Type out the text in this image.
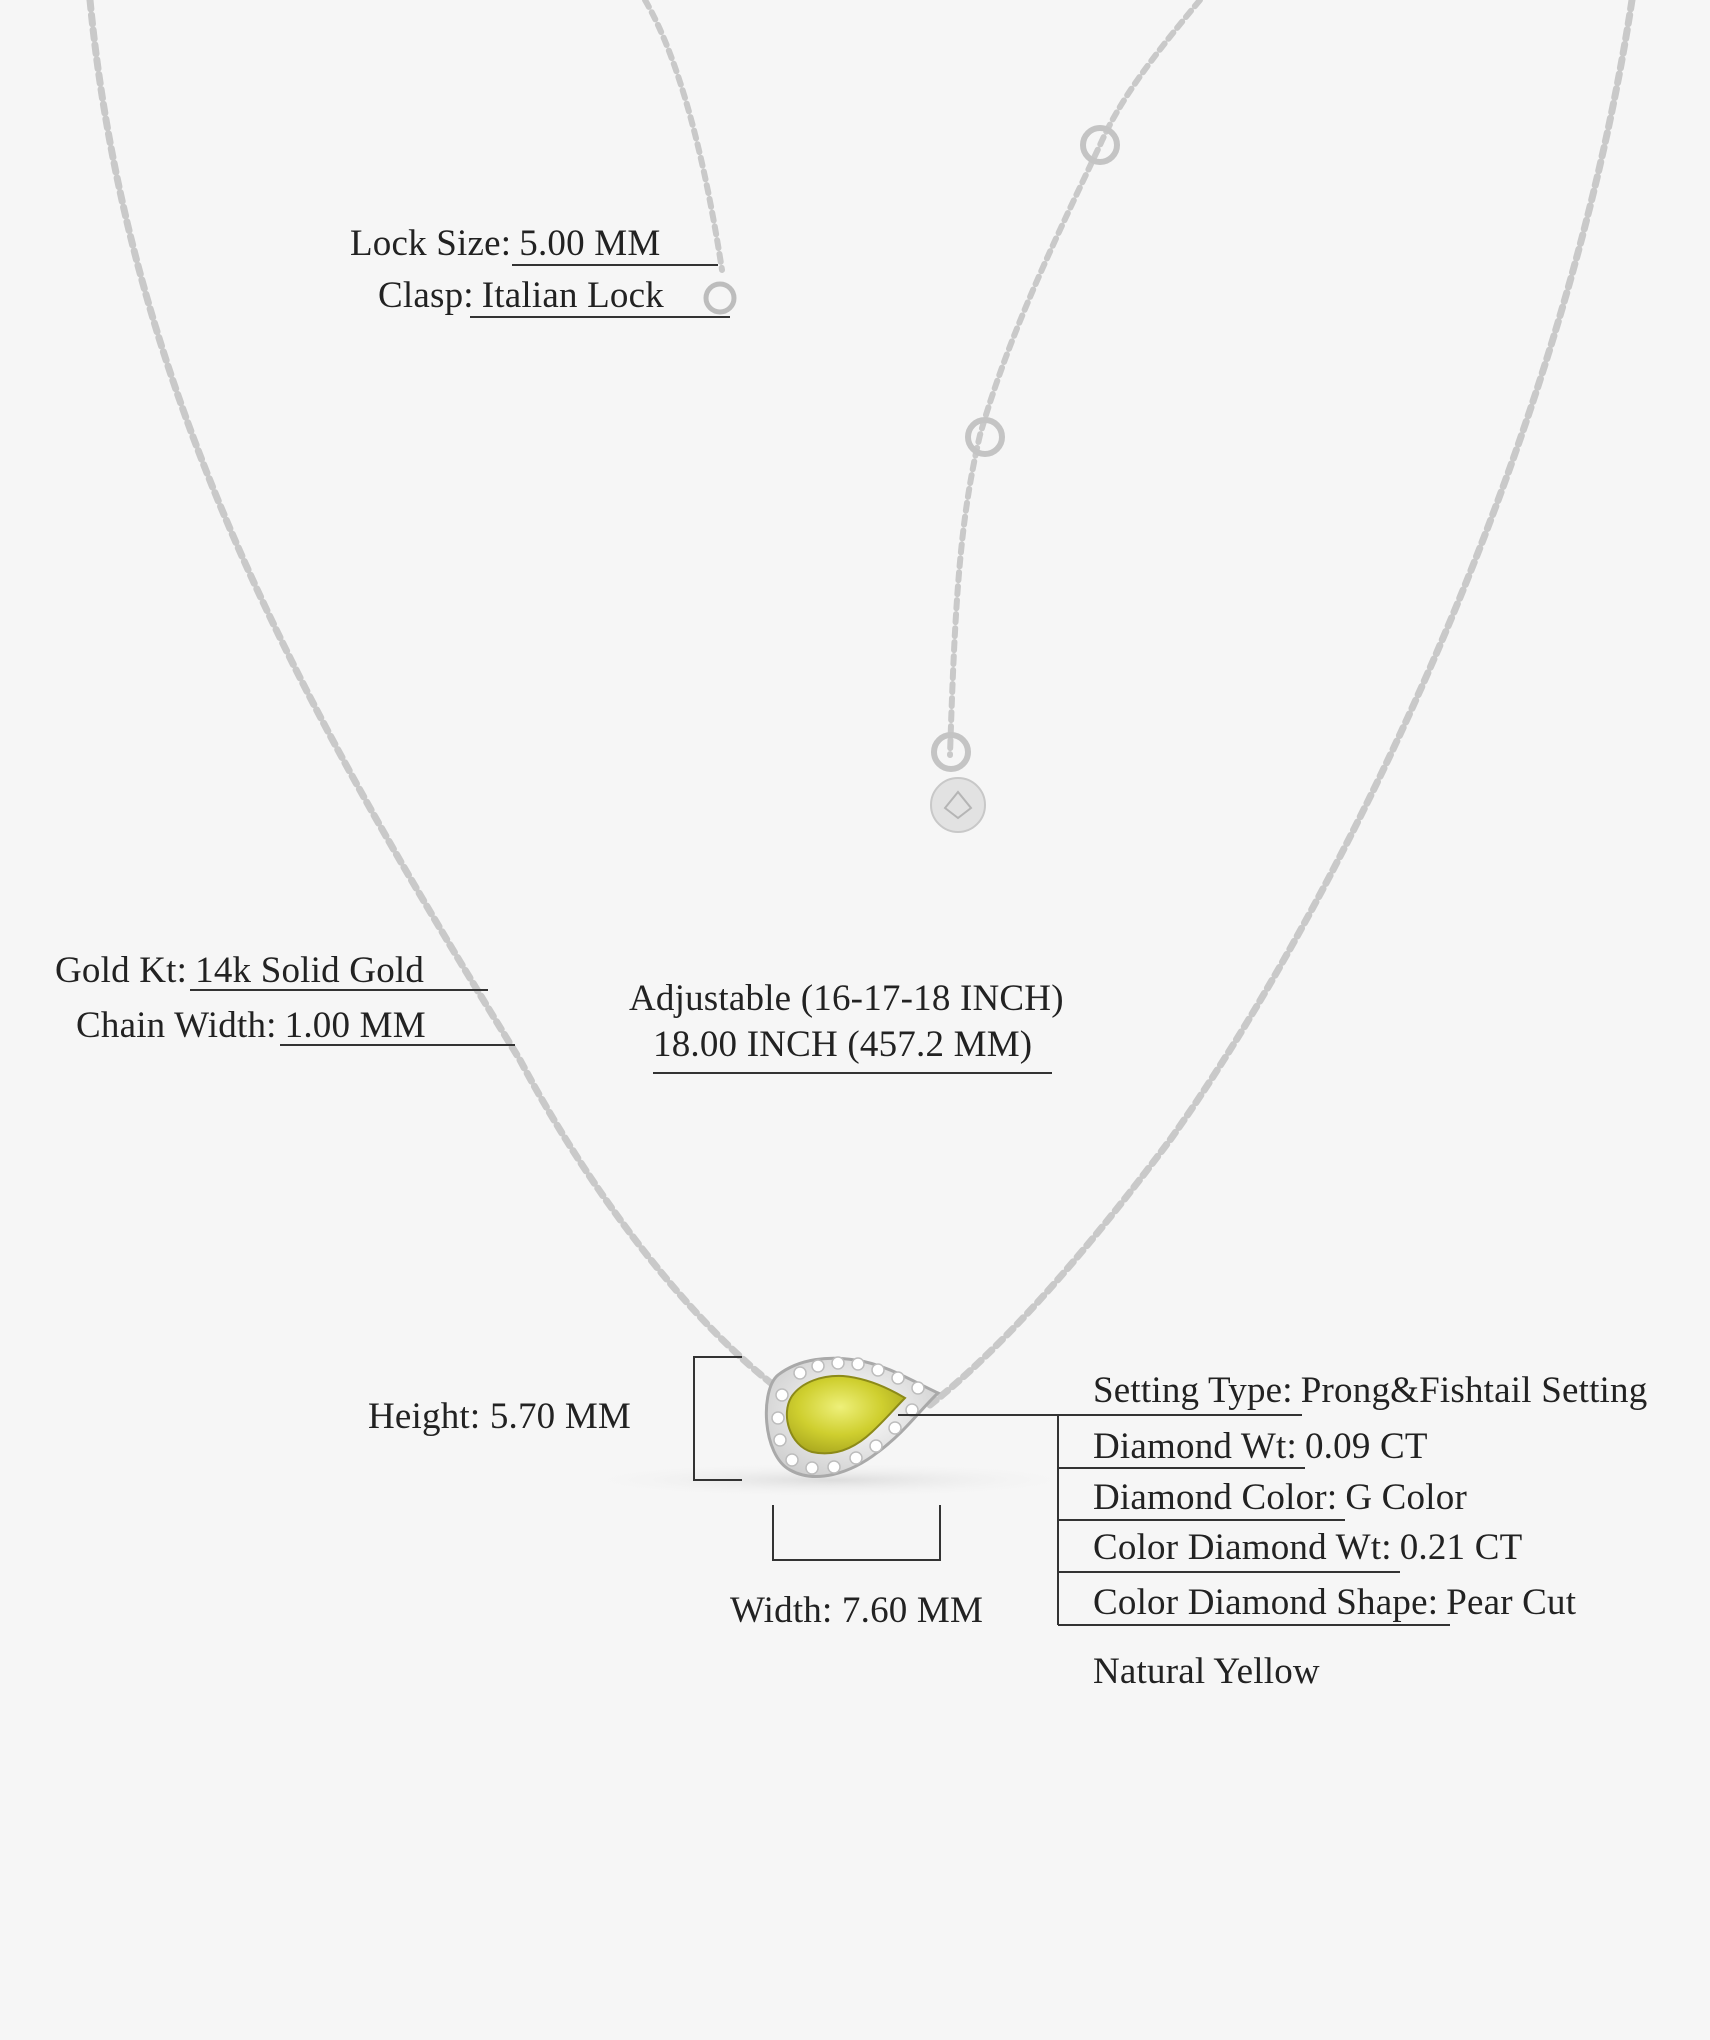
Lock Size: 5.00 MM
Clasp: Italian Lock
Gold Kt: 14k Solid Gold
Chain Width: 1.00 MM
Adjustable (16-17-18 INCH)
18.00 INCH (457.2 MM)
Height: 5.70 MM
Width: 7.60 MM
Setting Type: Prong&Fishtail Setting
Diamond Wt: 0.09 CT
Diamond Color: G Color
Color Diamond Wt: 0.21 CT
Color Diamond Shape: Pear Cut
Natural Yellow
